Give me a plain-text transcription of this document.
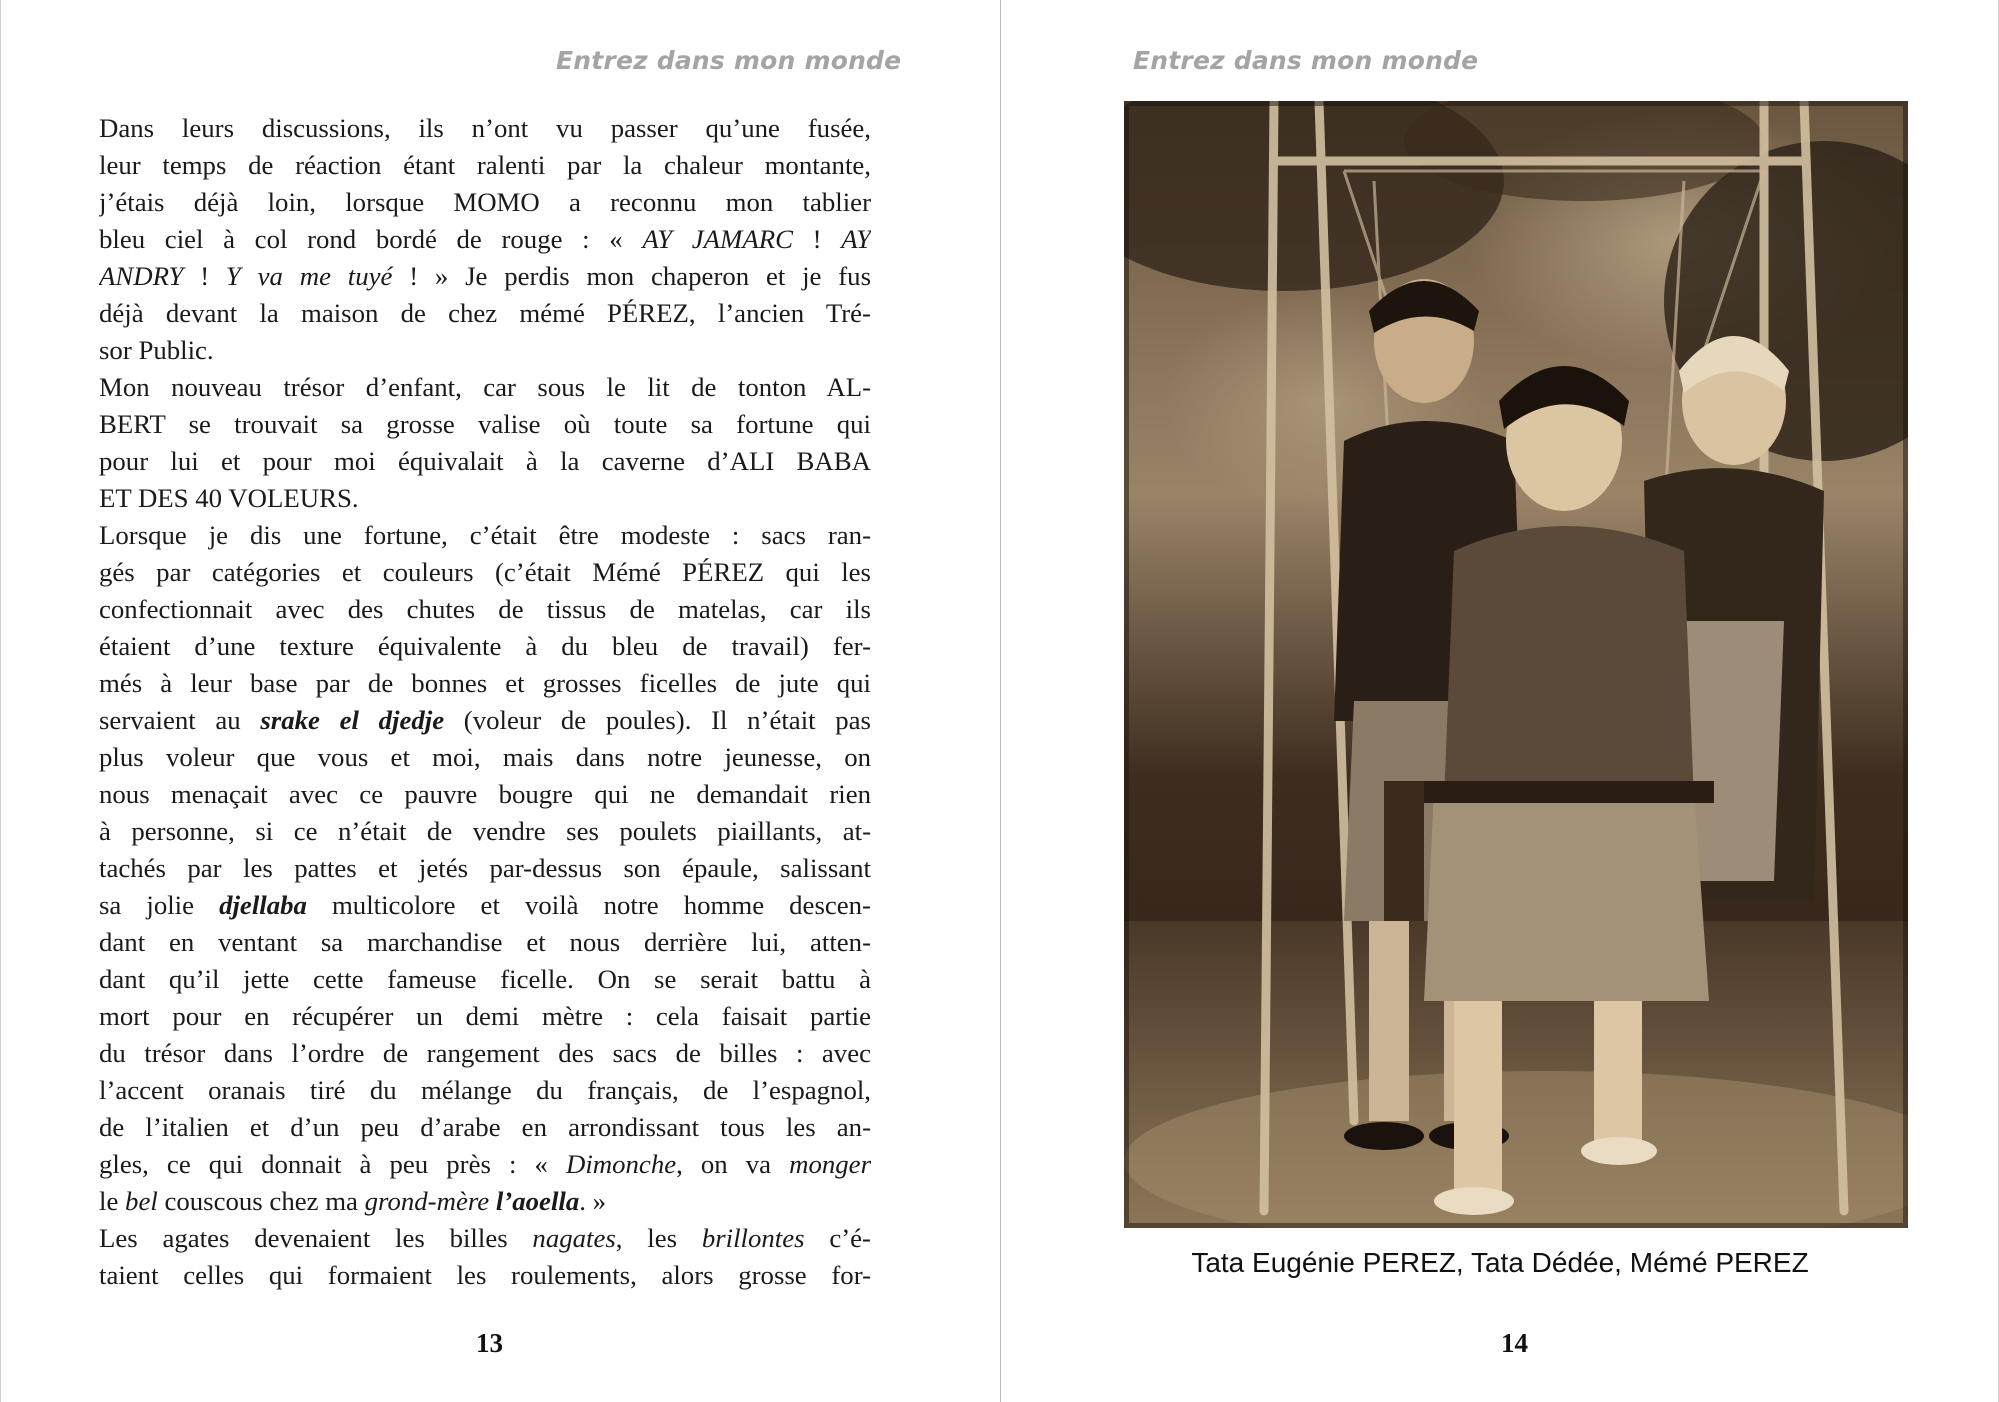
Entrez dans mon monde
Dans leurs discussions, ils n’ont vu passer qu’une fusée,
leur temps de réaction étant ralenti par la chaleur montante,
j’étais déjà loin, lorsque MOMO a reconnu mon tablier
bleu ciel à col rond bordé de rouge : « AY JAMARC ! AY
ANDRY ! Y va me tuyé ! » Je perdis mon chaperon et je fus
déjà devant la maison de chez mémé PÉREZ, l’ancien Tré-
sor Public.
Mon nouveau trésor d’enfant, car sous le lit de tonton AL-
BERT se trouvait sa grosse valise où toute sa fortune qui
pour lui et pour moi équivalait à la caverne d’ALI BABA
ET DES 40 VOLEURS.
Lorsque je dis une fortune, c’était être modeste : sacs ran-
gés par catégories et couleurs (c’était Mémé PÉREZ qui les
confectionnait avec des chutes de tissus de matelas, car ils
étaient d’une texture équivalente à du bleu de travail) fer-
més à leur base par de bonnes et grosses ficelles de jute qui
servaient au srake el djedje (voleur de poules). Il n’était pas
plus voleur que vous et moi, mais dans notre jeunesse, on
nous menaçait avec ce pauvre bougre qui ne demandait rien
à personne, si ce n’était de vendre ses poulets piaillants, at-
tachés par les pattes et jetés par-dessus son épaule, salissant
sa jolie djellaba multicolore et voilà notre homme descen-
dant en ventant sa marchandise et nous derrière lui, atten-
dant qu’il jette cette fameuse ficelle. On se serait battu à
mort pour en récupérer un demi mètre : cela faisait partie
du trésor dans l’ordre de rangement des sacs de billes : avec
l’accent oranais tiré du mélange du français, de l’espagnol,
de l’italien et d’un peu d’arabe en arrondissant tous les an-
gles, ce qui donnait à peu près : « Dimonche, on va monger
le bel couscous chez ma grond-mère l’aoella. »
Les agates devenaient les billes nagates, les brillontes c’é-
taient celles qui formaient les roulements, alors grosse for-
13
Entrez dans mon monde
Tata Eugénie PEREZ, Tata Dédée, Mémé PEREZ
14
